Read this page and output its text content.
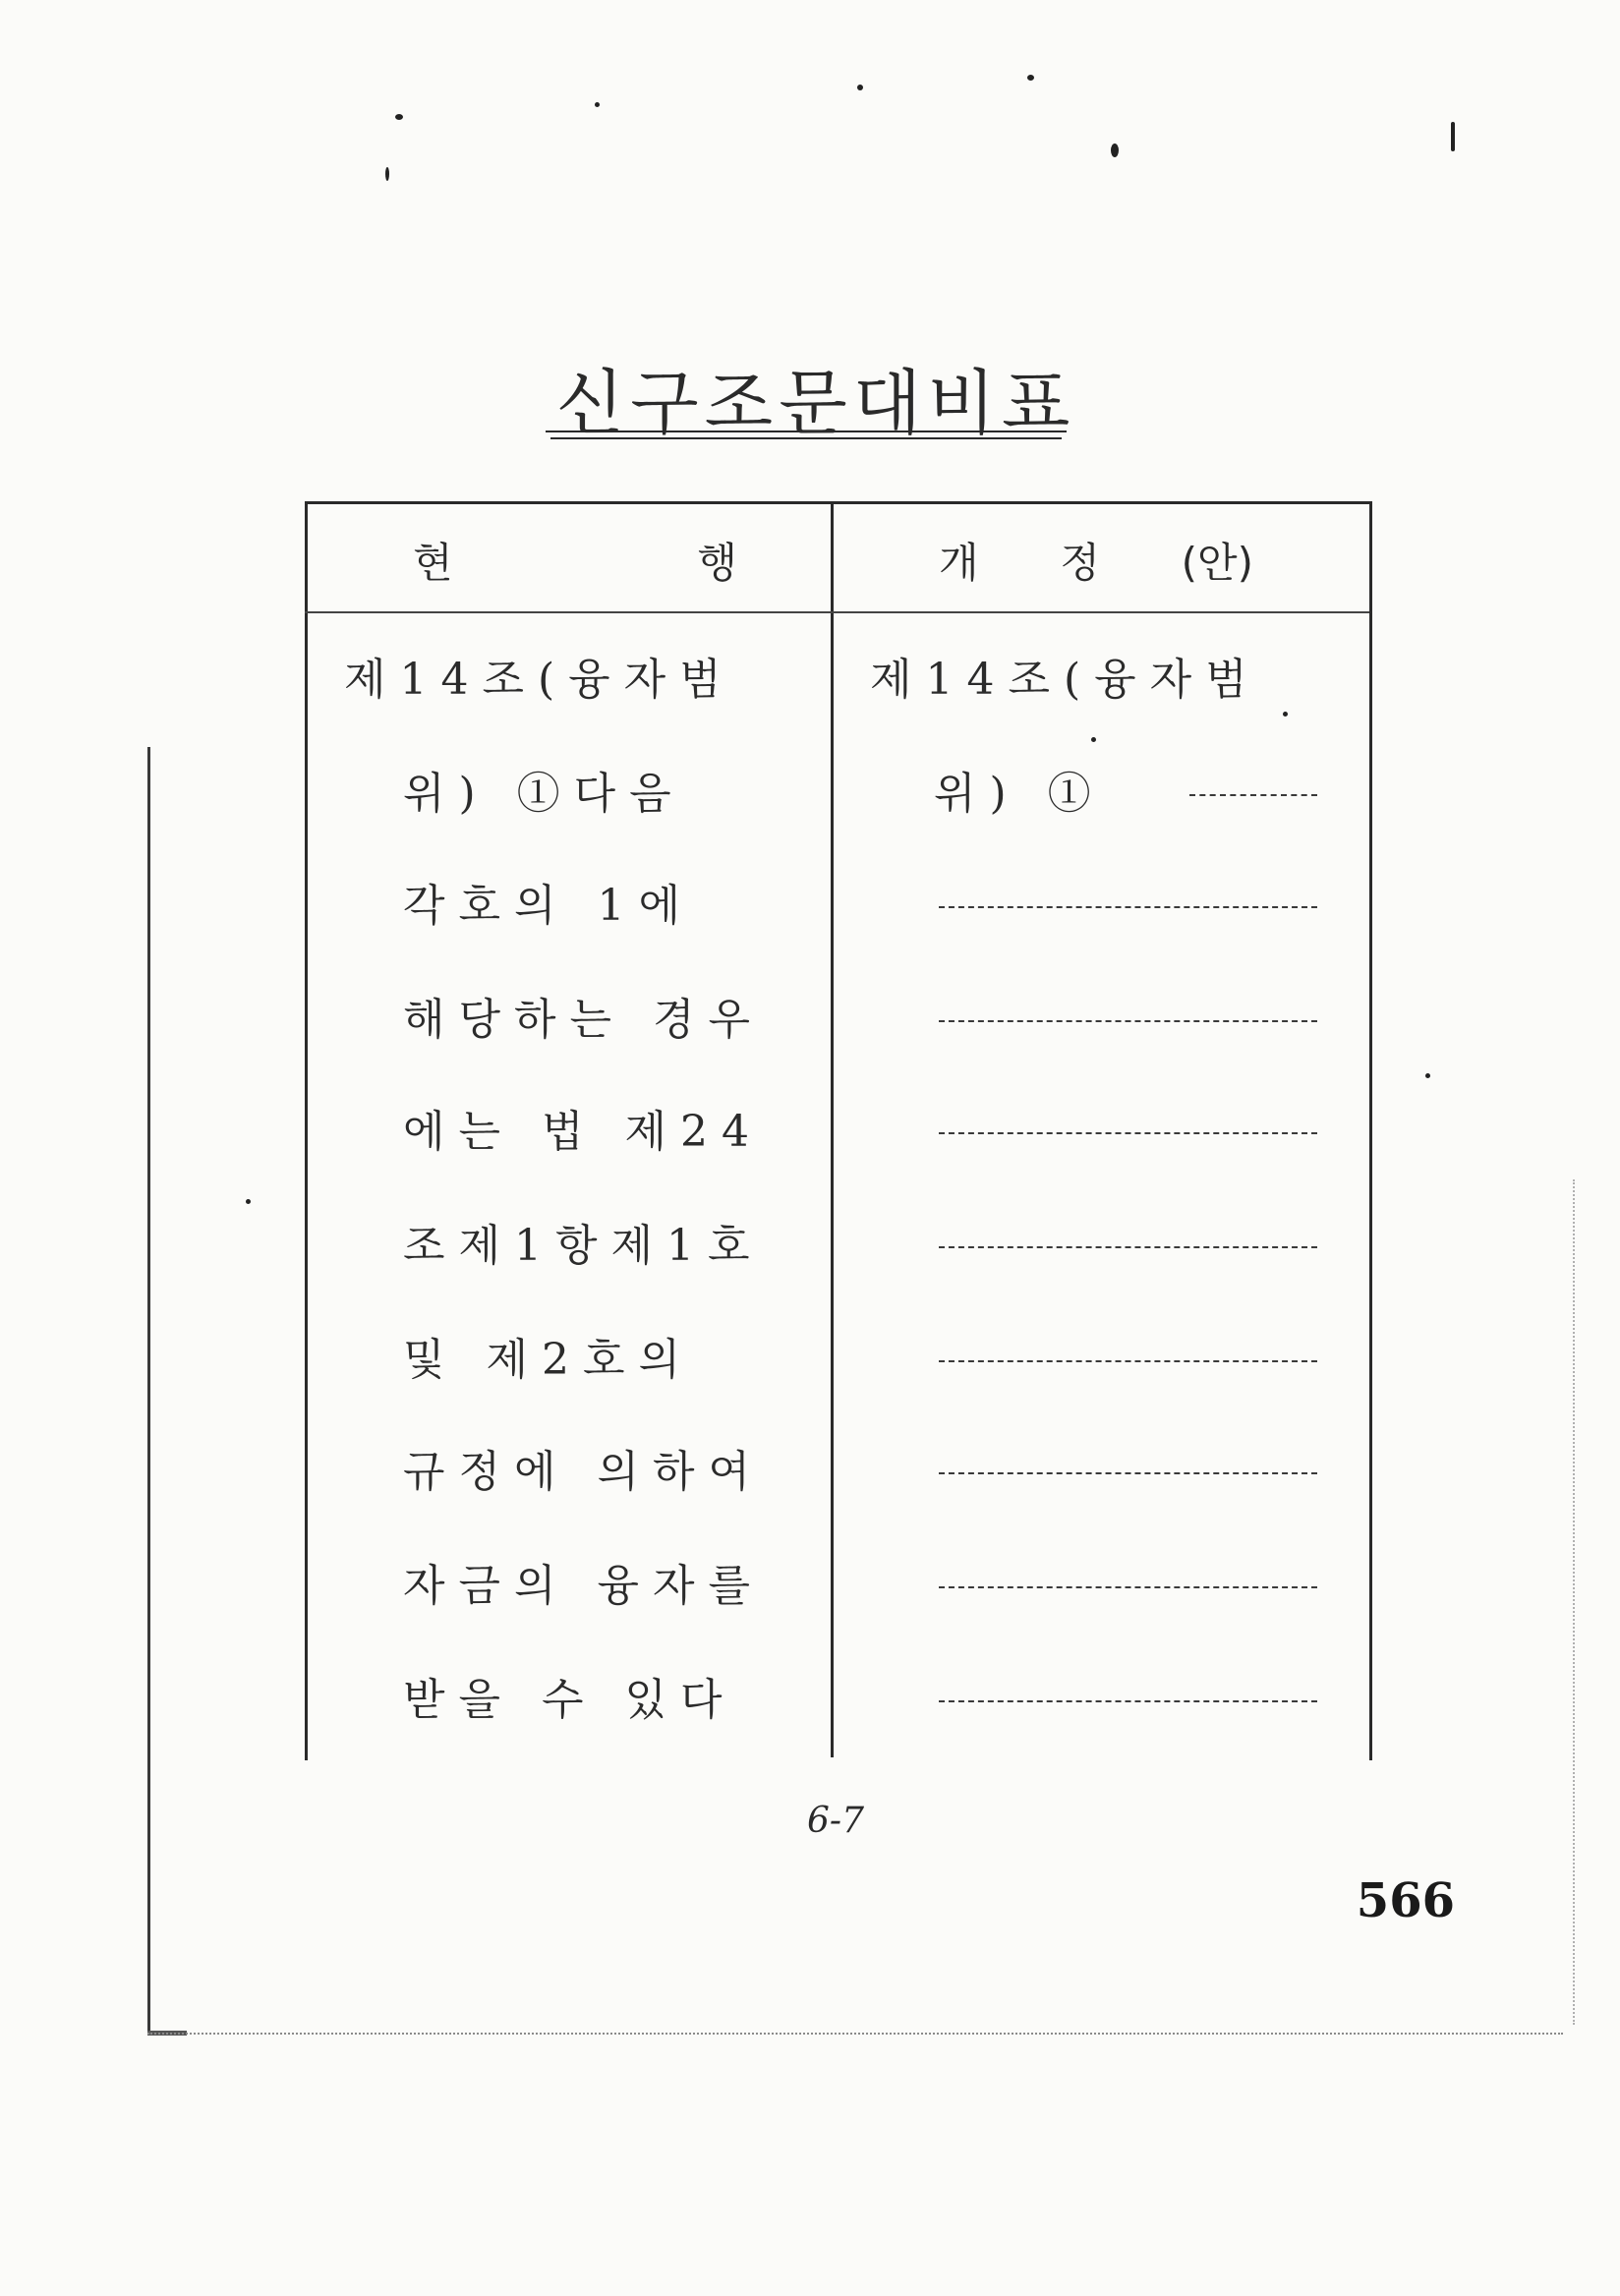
신구조문대비표
현	행	개 정 (안)
제14조(융자범
위) ①다음
각호의 1에
해당하는 경우
에는 법 제24
조제1항제1호
및 제2호의
규정에 의하여
자금의 융자를
받을 수 있다
제14조(융자범
위) ①
6-7
566
